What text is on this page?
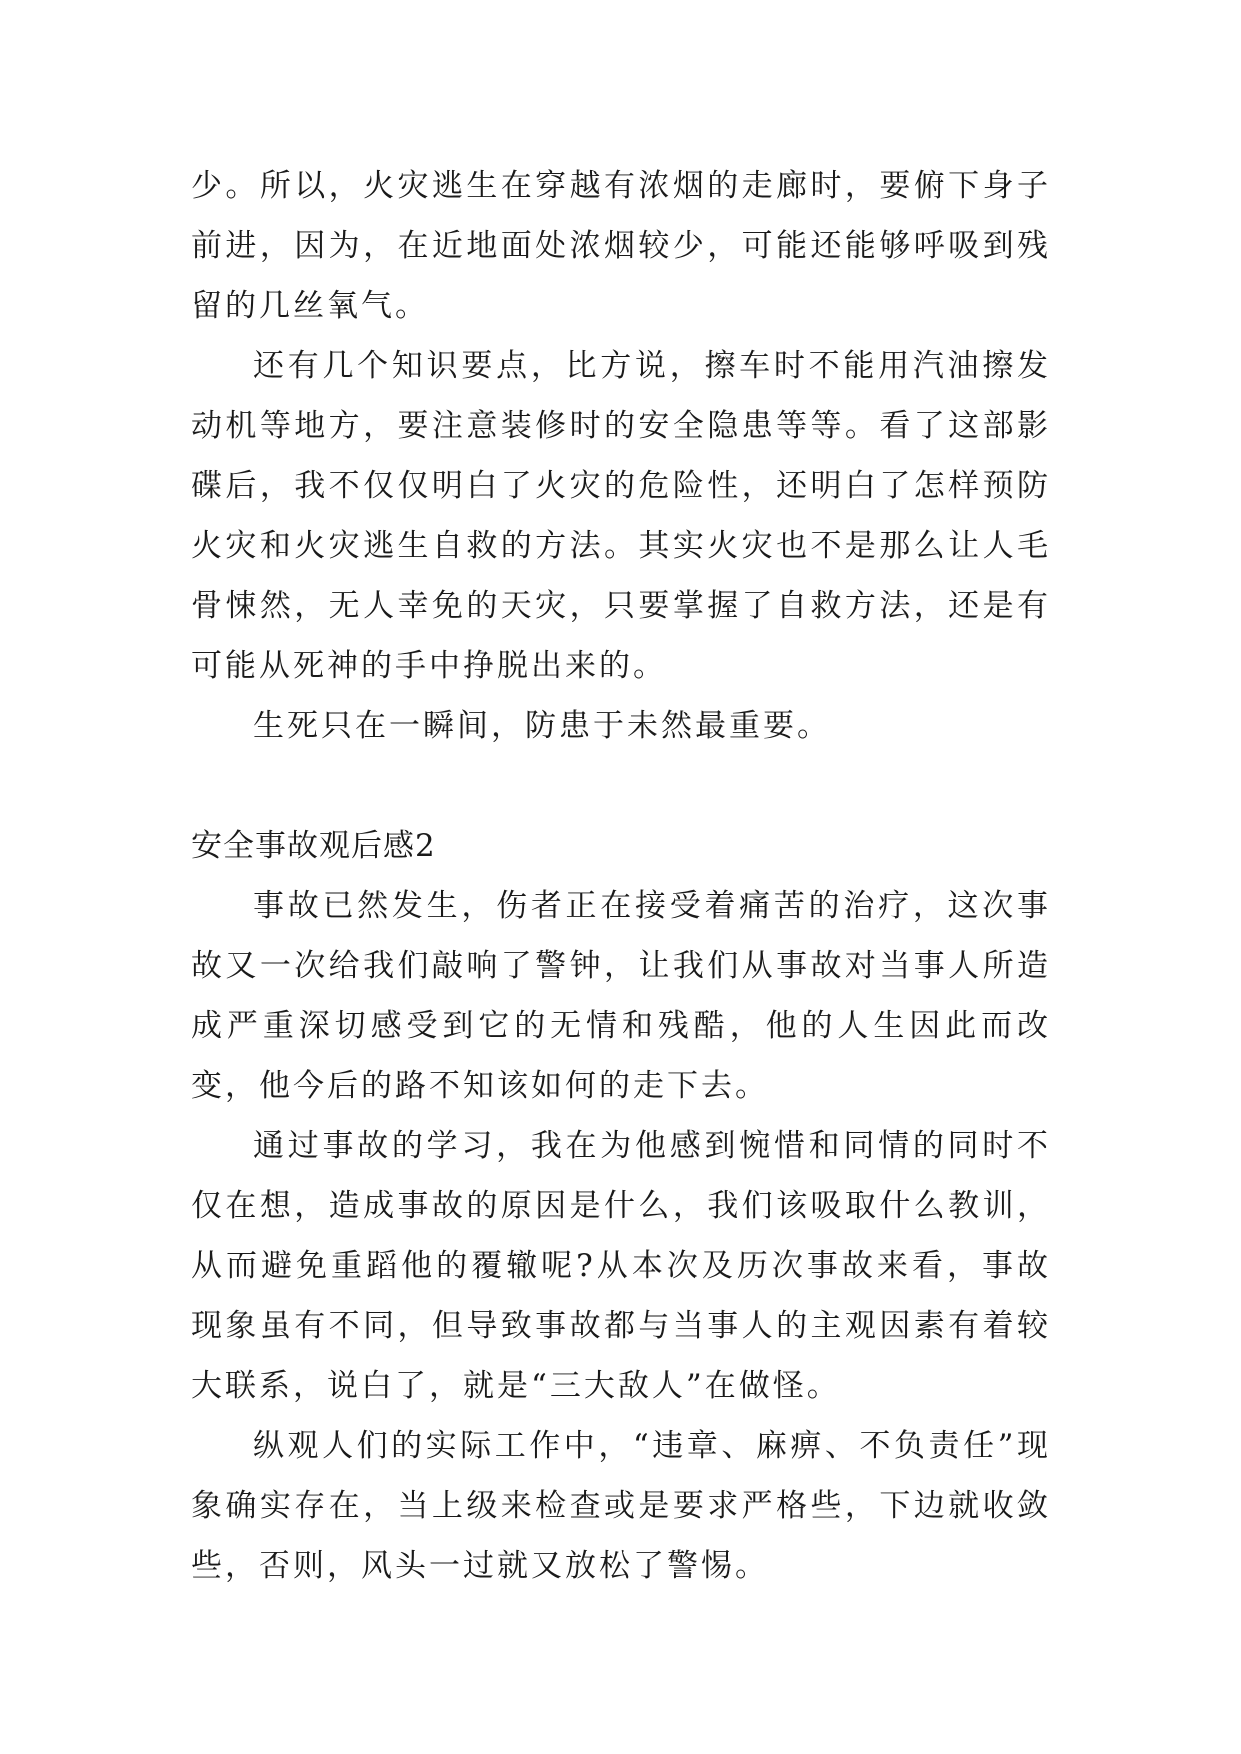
少。所以，火灾逃生在穿越有浓烟的走廊时，要俯下身子前进，因为，在近地面处浓烟较少，可能还能够呼吸到残留的几丝氧气。

还有几个知识要点，比方说，擦车时不能用汽油擦发动机等地方，要注意装修时的安全隐患等等。看了这部影碟后，我不仅仅明白了火灾的危险性，还明白了怎样预防火灾和火灾逃生自救的方法。其实火灾也不是那么让人毛骨悚然，无人幸免的天灾，只要掌握了自救方法，还是有可能从死神的手中挣脱出来的。

生死只在一瞬间，防患于未然最重要。

安全事故观后感2

事故已然发生，伤者正在接受着痛苦的治疗，这次事故又一次给我们敲响了警钟，让我们从事故对当事人所造成严重深切感受到它的无情和残酷，他的人生因此而改变，他今后的路不知该如何的走下去。

通过事故的学习，我在为他感到惋惜和同情的同时不仅在想，造成事故的原因是什么，我们该吸取什么教训，从而避免重蹈他的覆辙呢?从本次及历次事故来看，事故现象虽有不同，但导致事故都与当事人的主观因素有着较大联系，说白了，就是“三大敌人”在做怪。

纵观人们的实际工作中，“违章、麻痹、不负责任”现象确实存在，当上级来检查或是要求严格些，下边就收敛些，否则，风头一过就又放松了警惕。
